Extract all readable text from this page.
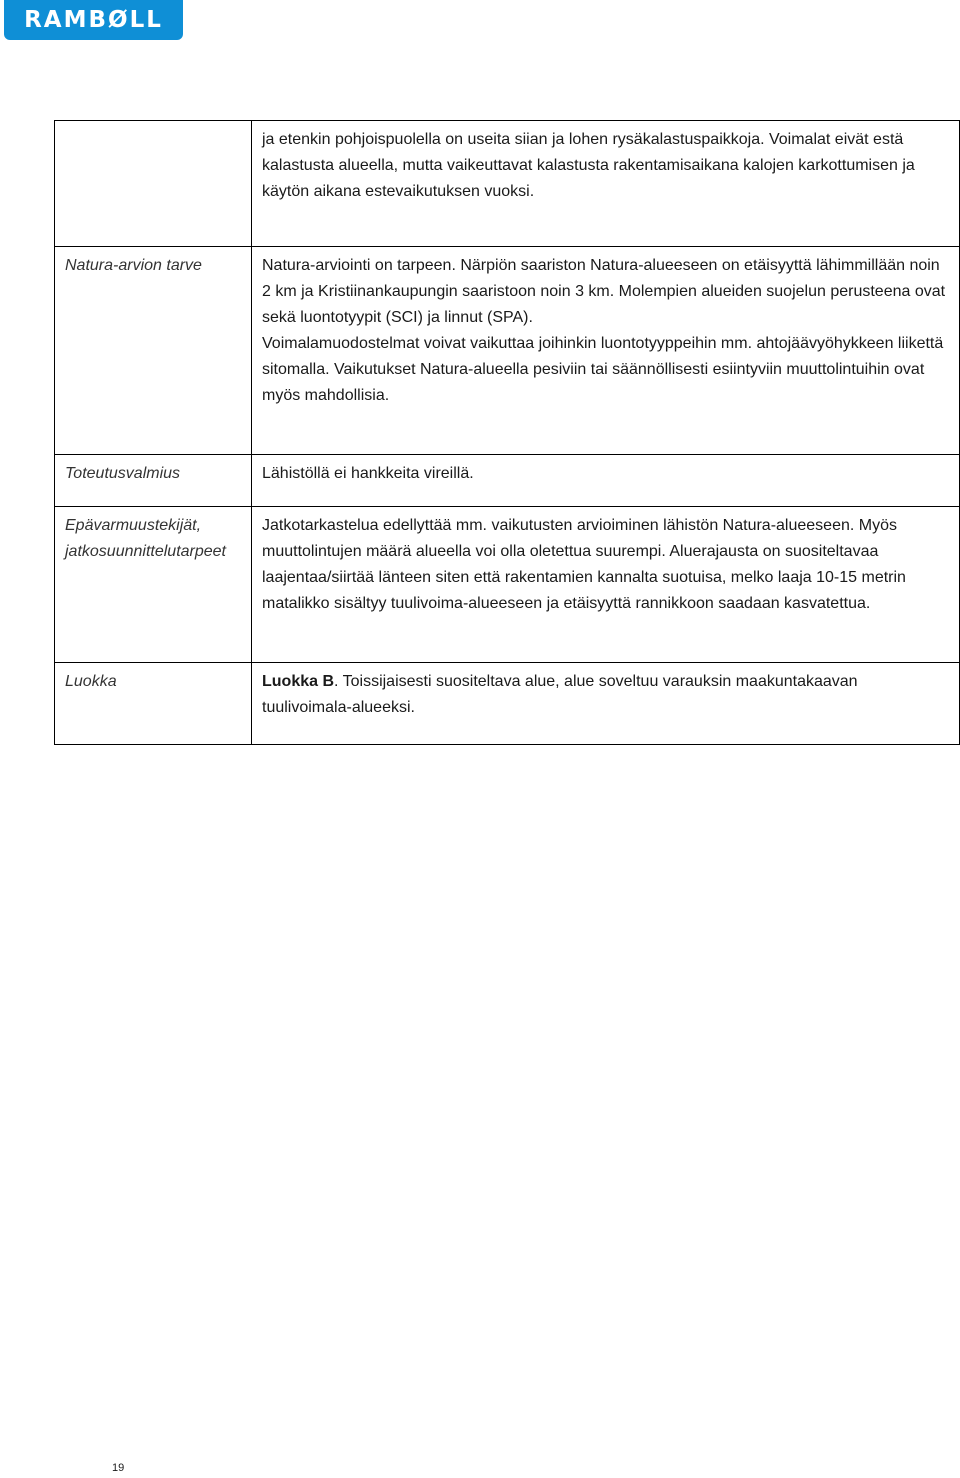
RAMBØLL

	ja etenkin pohjoispuolella on useita siian ja lohen rysäkalastuspaikkoja. Voimalat eivät estä kalastusta alueella, mutta vaikeuttavat kalastusta rakentamisaikana kalojen karkottumisen ja käytön aikana estevaikutuksen vuoksi.

Natura-arvion tarve	Natura-arviointi on tarpeen. Närpiön saariston Natura-alueeseen on etäisyyttä lähimmillään noin 2 km ja Kristiinankaupungin saaristoon noin 3 km. Molempien alueiden suojelun perusteena ovat sekä luontotyypit (SCI) ja linnut (SPA).
Voimalamuodostelmat voivat vaikuttaa joihinkin luontotyyppeihin mm. ahtojäävyöhykkeen liikettä sitomalla. Vaikutukset Natura-alueella pesiviin tai säännöllisesti esiintyviin muuttolintuihin ovat myös mahdollisia.

Toteutusvalmius	Lähistöllä ei hankkeita vireillä.

Epävarmuustekijät, jatkosuunnittelutarpeet	Jatkotarkastelua edellyttää mm. vaikutusten arvioiminen lähistön Natura-alueeseen. Myös muuttolintujen määrä alueella voi olla oletettua suurempi. Aluerajausta on suositeltavaa laajentaa/siirtää länteen siten että rakentamien kannalta suotuisa, melko laaja 10-15 metrin matalikko sisältyy tuulivoima-alueeseen ja etäisyyttä rannikkoon saadaan kasvatettua.

Luokka	Luokka B. Toissijaisesti suositeltava alue, alue soveltuu varauksin maakuntakaavan tuulivoimala-alueeksi.
19
